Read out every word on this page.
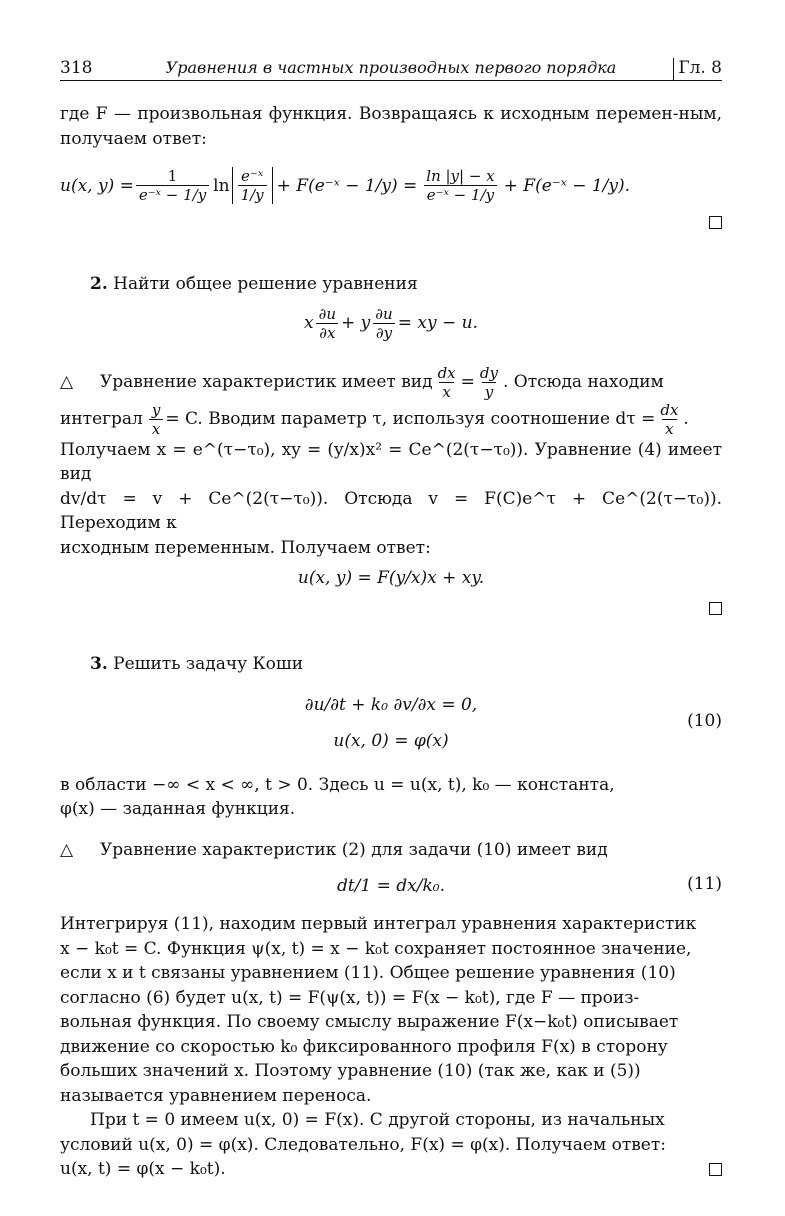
318	Уравнения в частных производных первого порядка	Гл. 8

где F — произвольная функция. Возвращаясь к исходным перемен-ным, получаем ответ:

u(x, $y) = \frac{1}{\text{e⁻ˣ − 1/y}}$ $\ln \frac{\text{e⁻ˣ}}{1/y}$ + F(e⁻ˣ − $1/y) = \frac{\ln |y| - x}{\text{e⁻ˣ − 1/y}}$ + F(e⁻ˣ − 1/y).

2. Найти общее решение уравнения

x $\frac{\partial u}{\partial x} + y \frac{\partial u}{\partial y}$ = xy − u.
△	Уравнение характеристик имеет вид $\frac{dx}{x} = \frac{dy}{y}$ . Отсюда находим
интеграл $\frac{y}{x} = C$. Вводим параметр τ, используя соотношение $d\tau = \frac{dx}{x}$ .
Получаем x = e^(τ−τ₀), xy = (y/x)x² = Ce^(2(τ−τ₀)). Уравнение (4) имеет вид
dv/dτ = v + Ce^(2(τ−τ₀)). Отсюда v = F(C)e^τ + Ce^(2(τ−τ₀)). Переходим к
исходным переменным. Получаем ответ:
u(x, y) = F(y/x)x + xy.

3. Решить задачу Коши

∂u/∂t + k₀ ∂v/∂x = 0,
u(x, 0) = φ(x)
(10)
в области −∞ < x < ∞, t > 0. Здесь u = u(x, t), k₀ — константа,
φ(x) — заданная функция.
△	Уравнение характеристик (2) для задачи (10) имеет вид
dt/1 = dx/k₀.	(11)
Интегрируя (11), находим первый интеграл уравнения характеристик
x − k₀t = C. Функция ψ(x, t) = x − k₀t сохраняет постоянное значение,
если x и t связаны уравнением (11). Общее решение уравнения (10)
согласно (6) будет u(x, t) = F(ψ(x, t)) = F(x − k₀t), где F — произ-
вольная функция. По своему смыслу выражение F(x−k₀t) описывает
движение со скоростью k₀ фиксированного профиля F(x) в сторону
больших значений x. Поэтому уравнение (10) (так же, как и (5))
называется уравнением переноса.
При t = 0 имеем u(x, 0) = F(x). С другой стороны, из начальных
условий u(x, 0) = φ(x). Следовательно, F(x) = φ(x). Получаем ответ:
u(x, t) = φ(x − k₀t).
